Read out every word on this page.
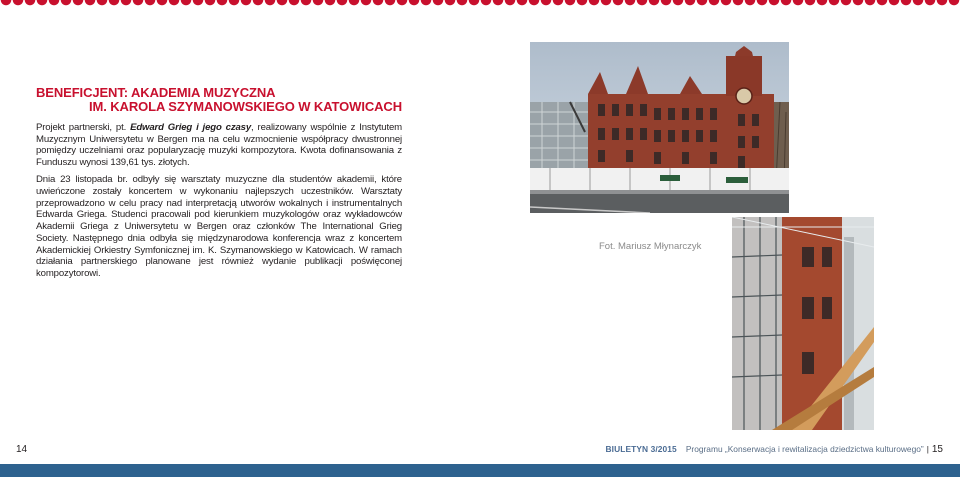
BENEFICJENT: AKADEMIA MUZYCZNA
IM. KAROLA SZYMANOWSKIEGO W KATOWICACH

Projekt partnerski, pt. Edward Grieg i jego czasy, realizowany wspólnie z Instytutem Muzycznym Uniwersytetu w Bergen ma na celu wzmocnienie współpracy dwustronnej pomiędzy uczelniami oraz popularyzację muzyki kompozytora. Kwota dofinansowania z Funduszu wynosi 139,61 tys. złotych.

Dnia 23 listopada br. odbyły się warsztaty muzyczne dla studentów akademii, które uwieńczone zostały koncertem w wykonaniu najlepszych uczestników. Warsztaty przeprowadzono w celu pracy nad interpretacją utworów wokalnych i instrumentalnych Edwarda Griega. Studenci pracowali pod kierunkiem muzykologów oraz wykładowców Akademii Griega z Uniwersytetu w Bergen oraz członków The International Grieg Society. Następnego dnia odbyła się międzynarodowa konferencja wraz z koncertem Akademickiej Orkiestry Symfonicznej im. K. Szymanowskiego w Katowicach. W ramach działania partnerskiego planowane jest również wydanie publikacji poświęconej kompozytorowi.

Fot. Mariusz Młynarczyk
14	BIULETYN 3/2015 Programu „Konserwacja i rewitalizacja dziedzictwa kulturowego” | 15
